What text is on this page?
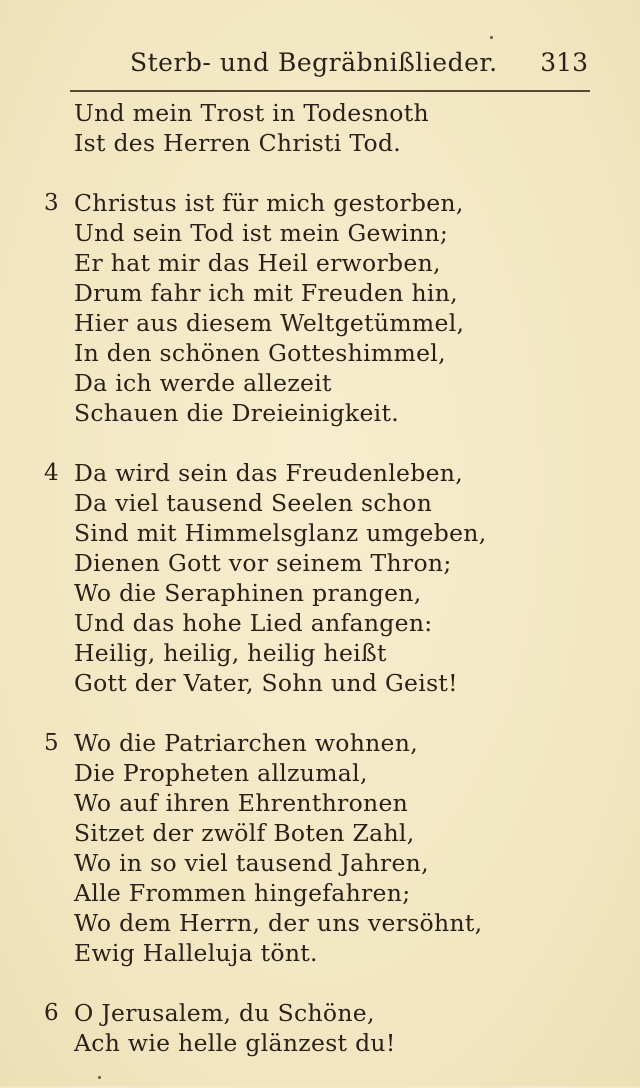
Sterb- und Begräbnißlieder. 313
Und mein Trost in Todesnoth
Ist des Herren Christi Tod.
3 Christus ist für mich gestorben,
Und sein Tod ist mein Gewinn;
Er hat mir das Heil erworben,
Drum fahr ich mit Freuden hin,
Hier aus diesem Weltgetümmel,
In den schönen Gotteshimmel,
Da ich werde allezeit
Schauen die Dreieinigkeit.
4 Da wird sein das Freudenleben,
Da viel tausend Seelen schon
Sind mit Himmelsglanz umgeben,
Dienen Gott vor seinem Thron;
Wo die Seraphinen prangen,
Und das hohe Lied anfangen:
Heilig, heilig, heilig heißt
Gott der Vater, Sohn und Geist!
5 Wo die Patriarchen wohnen,
Die Propheten allzumal,
Wo auf ihren Ehrenthronen
Sitzet der zwölf Boten Zahl,
Wo in so viel tausend Jahren,
Alle Frommen hingefahren;
Wo dem Herrn, der uns versöhnt,
Ewig Halleluja tönt.
6 O Jerusalem, du Schöne,
Ach wie helle glänzest du!
